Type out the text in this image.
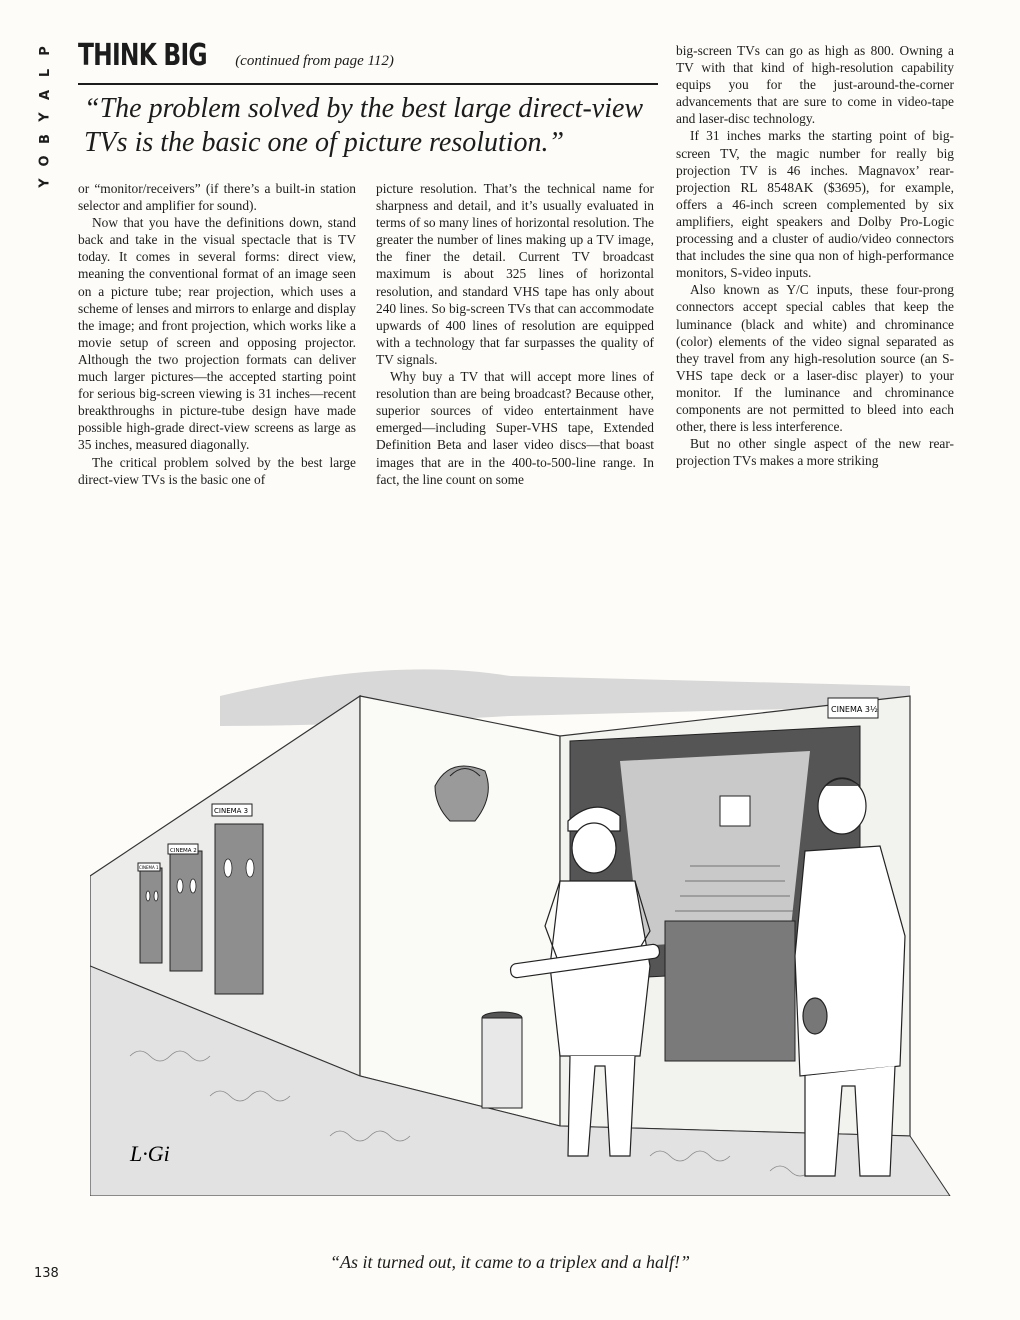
P
L
A
Y
B
O
Y
THINK BIG (continued from page 112)
“The problem solved by the best large direct-view TVs is the basic one of picture resolution.”

or “monitor/receivers” (if there’s a built-in station selector and amplifier for sound).

Now that you have the definitions down, stand back and take in the visual spectacle that is TV today. It comes in several forms: direct view, meaning the conventional format of an image seen on a picture tube; rear projection, which uses a scheme of lenses and mirrors to enlarge and display the image; and front projection, which works like a movie setup of screen and opposing projector. Although the two projection formats can deliver much larger pictures—the accepted starting point for serious big-screen viewing is 31 inches—recent breakthroughs in picture-tube design have made possible high-grade direct-view screens as large as 35 inches, measured diagonally.

The critical problem solved by the best large direct-view TVs is the basic one of

picture resolution. That’s the technical name for sharpness and detail, and it’s usually evaluated in terms of so many lines of horizontal resolution. The greater the number of lines making up a TV image, the finer the detail. Current TV broadcast maximum is about 325 lines of horizontal resolution, and standard VHS tape has only about 240 lines. So big-screen TVs that can accommodate upwards of 400 lines of resolution are equipped with a technology that far surpasses the quality of TV signals.

Why buy a TV that will accept more lines of resolution than are being broadcast? Because other, superior sources of video entertainment have emerged—including Super-VHS tape, Extended Definition Beta and laser video discs—that boast images that are in the 400-to-500-line range. In fact, the line count on some

big-screen TVs can go as high as 800. Owning a TV with that kind of high-resolution capability equips you for the just-around-the-corner advancements that are sure to come in video-tape and laser-disc technology.

If 31 inches marks the starting point of big-screen TV, the magic number for really big projection TV is 46 inches. Magnavox’ rear-projection RL 8548AK ($3695), for example, offers a 46-inch screen complemented by six amplifiers, eight speakers and Dolby Pro-Logic processing and a cluster of audio/video connectors that includes the sine qua non of high-performance monitors, S-video inputs.

Also known as Y/C inputs, these four-prong connectors accept special cables that keep the luminance (black and white) and chrominance (color) elements of the video signal separated as they travel from any high-resolution source (an S-VHS tape deck or a laser-disc player) to your monitor. If the luminance and chrominance components are not permitted to bleed into each other, there is less interference.

But no other single aspect of the new rear-projection TVs makes a more striking

CINEMA 3
CINEMA 2
CINEMA 1
CINEMA 3½
L·Gi
“As it turned out, it came to a triplex and a half!”
138
